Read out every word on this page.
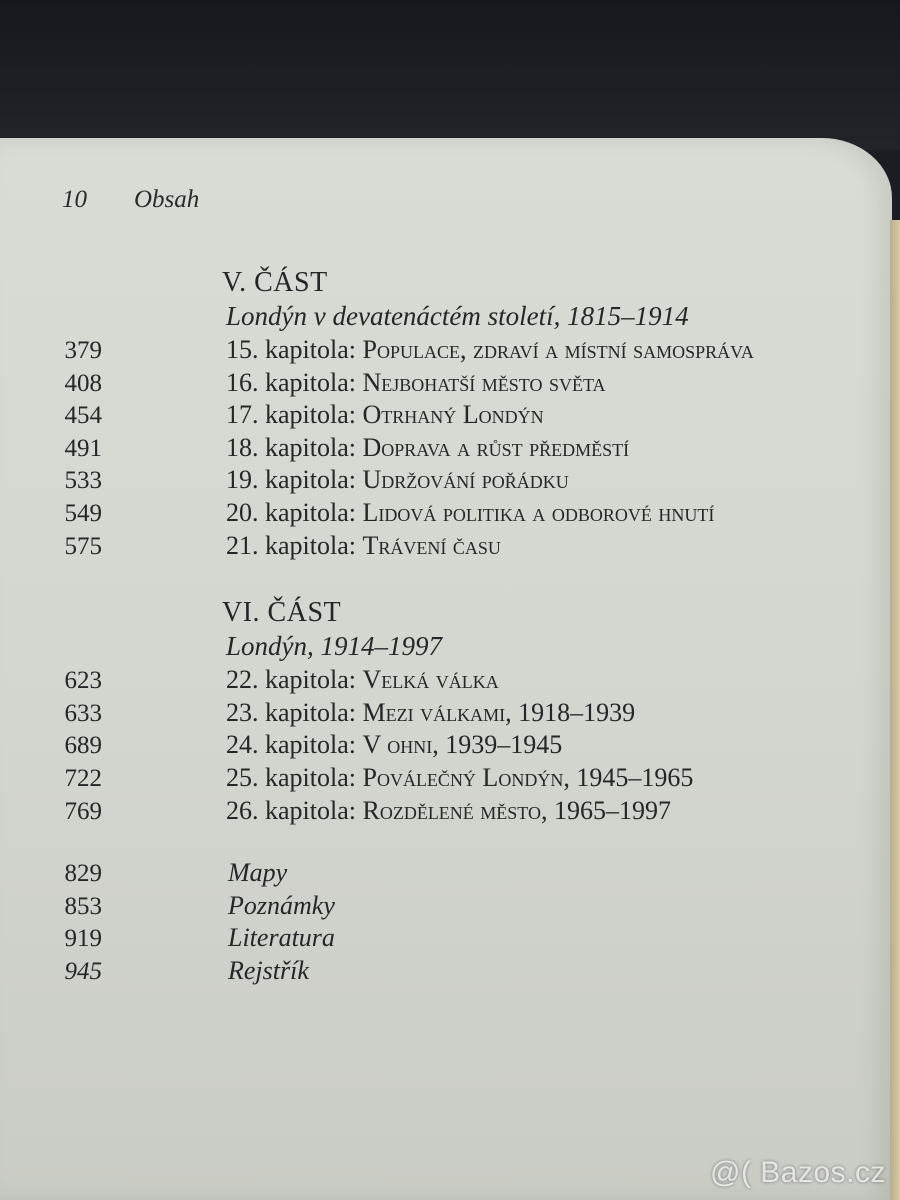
10 Obsah
V. ČÁST
Londýn v devatenáctém století, 1815–1914
379	15. kapitola: Populace, zdraví a místní samospráva
408	16. kapitola: Nejbohatší město světa
454	17. kapitola: Otrhaný Londýn
491	18. kapitola: Doprava a růst předměstí
533	19. kapitola: Udržování pořádku
549	20. kapitola: Lidová politika a odborové hnutí
575	21. kapitola: Trávení času
VI. ČÁST
Londýn, 1914–1997
623	22. kapitola: Velká válka
633	23. kapitola: Mezi válkami, 1918–1939
689	24. kapitola: V ohni, 1939–1945
722	25. kapitola: Poválečný Londýn, 1945–1965
769	26. kapitola: Rozdělené město, 1965–1997
829	Mapy
853	Poznámky
919	Literatura
945	Rejstřík
@( Bazos.cz
